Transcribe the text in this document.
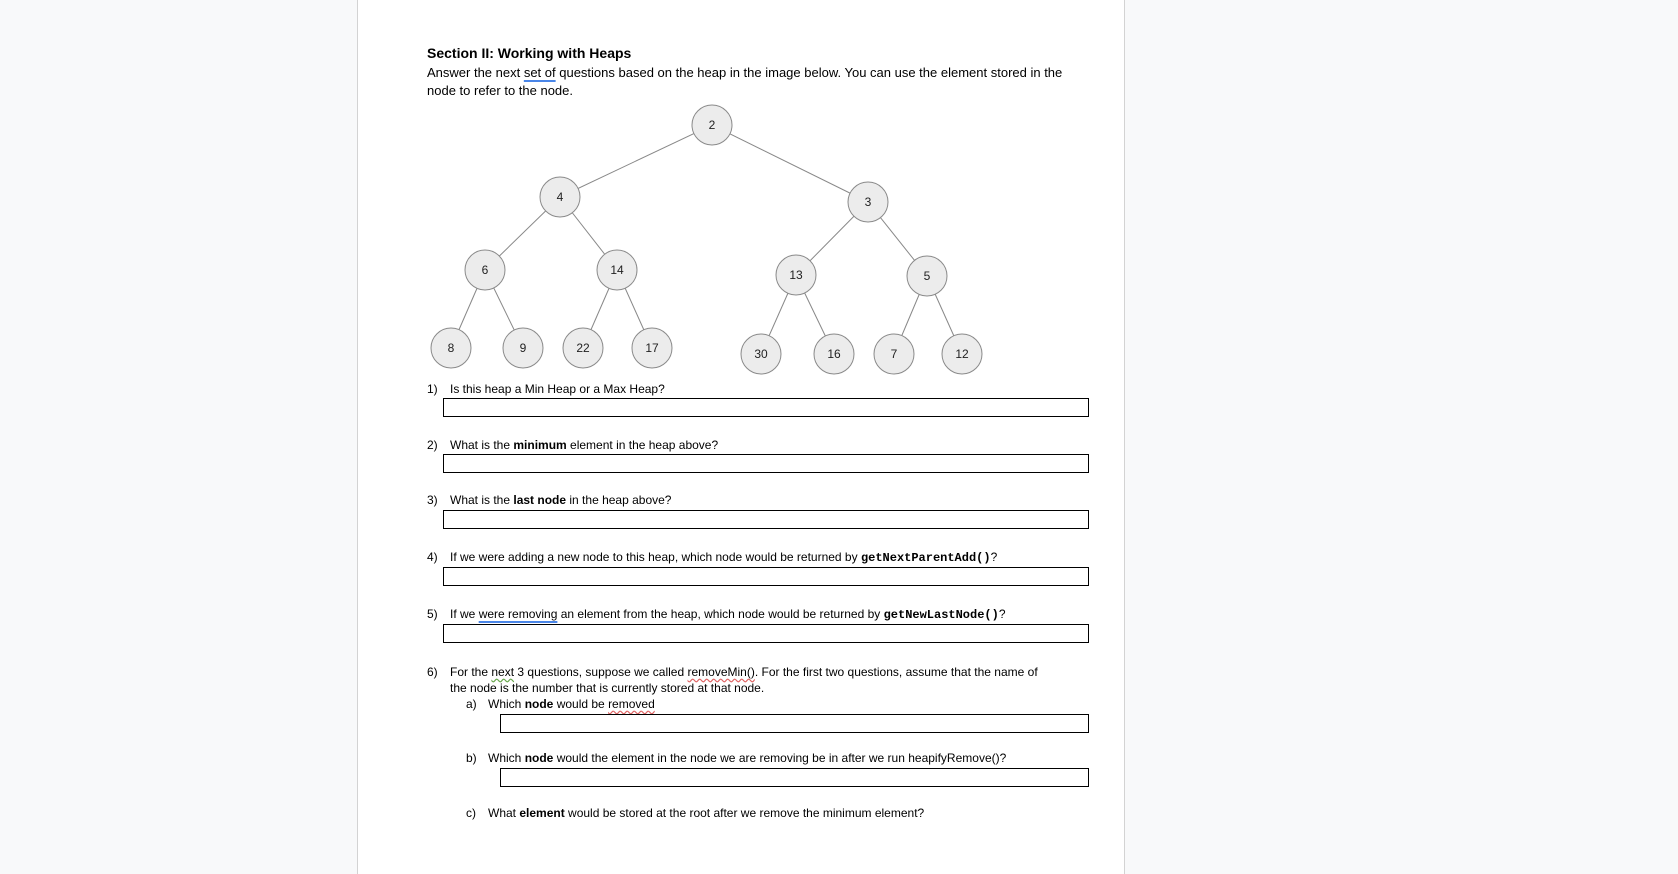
Section II: Working with Heaps
Answer the next set of questions based on the heap in the image below. You can use the element stored in the node to refer to the node.
2
4	3
6	14	13	5
8	9	22	17	30	16	7	12
1) Is this heap a Min Heap or a Max Heap?
2) What is the minimum element in the heap above?
3) What is the last node in the heap above?
4) If we were adding a new node to this heap, which node would be returned by getNextParentAdd()?
5) If we were removing an element from the heap, which node would be returned by getNewLastNode()?
6) For the next 3 questions, suppose we called removeMin(). For the first two questions, assume that the name of
the node is the number that is currently stored at that node.
a) Which node would be removed
b) Which node would the element in the node we are removing be in after we run heapifyRemove()?
c) What element would be stored at the root after we remove the minimum element?
